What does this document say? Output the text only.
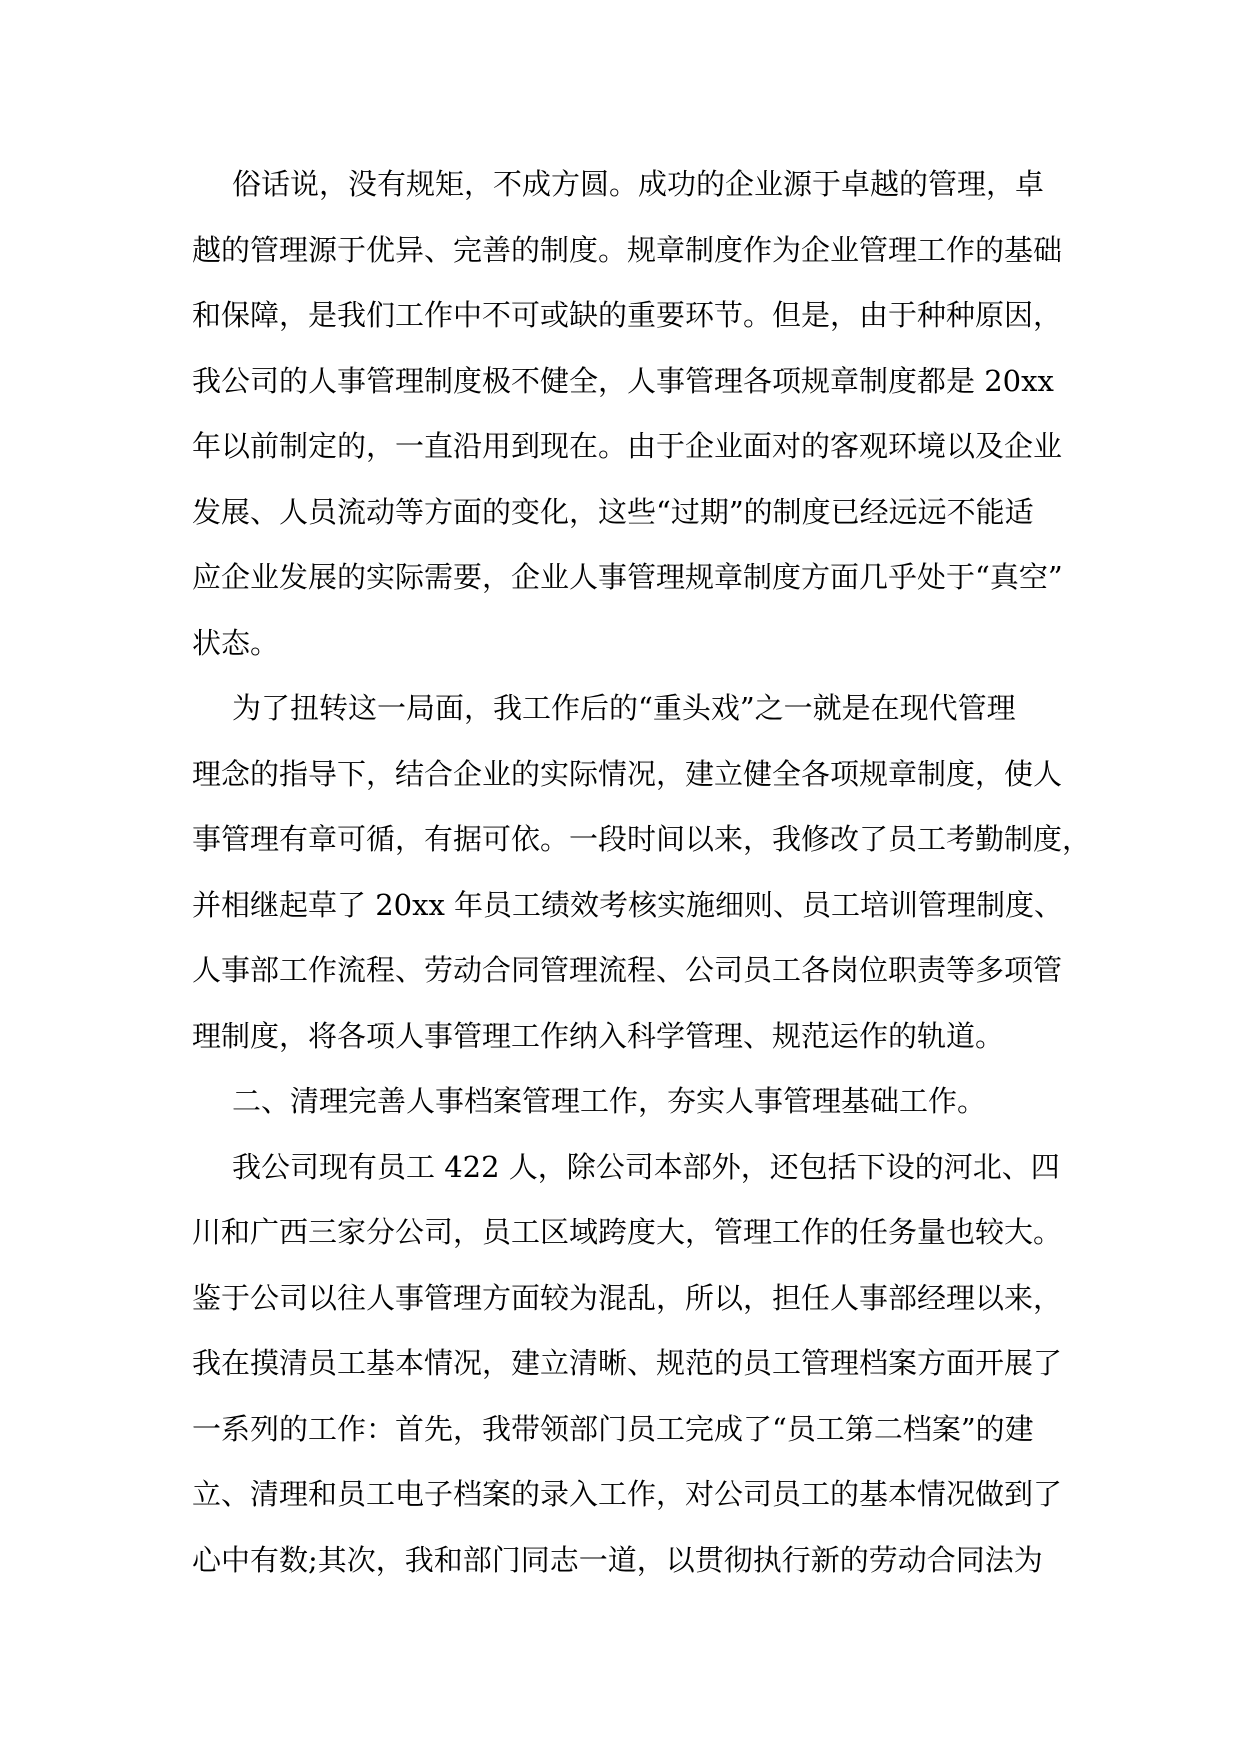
俗话说，没有规矩，不成方圆。成功的企业源于卓越的管理，卓
越的管理源于优异、完善的制度。规章制度作为企业管理工作的基础
和保障，是我们工作中不可或缺的重要环节。但是，由于种种原因，
我公司的人事管理制度极不健全，人事管理各项规章制度都是 20xx
年以前制定的，一直沿用到现在。由于企业面对的客观环境以及企业
发展、人员流动等方面的变化，这些“过期”的制度已经远远不能适
应企业发展的实际需要，企业人事管理规章制度方面几乎处于“真空”
状态。
为了扭转这一局面，我工作后的“重头戏”之一就是在现代管理
理念的指导下，结合企业的实际情况，建立健全各项规章制度，使人
事管理有章可循，有据可依。一段时间以来，我修改了员工考勤制度，
并相继起草了 20xx 年员工绩效考核实施细则、员工培训管理制度、
人事部工作流程、劳动合同管理流程、公司员工各岗位职责等多项管
理制度，将各项人事管理工作纳入科学管理、规范运作的轨道。
二、清理完善人事档案管理工作，夯实人事管理基础工作。
我公司现有员工 422 人，除公司本部外，还包括下设的河北、四
川和广西三家分公司，员工区域跨度大，管理工作的任务量也较大。
鉴于公司以往人事管理方面较为混乱，所以，担任人事部经理以来，
我在摸清员工基本情况，建立清晰、规范的员工管理档案方面开展了
一系列的工作：首先，我带领部门员工完成了“员工第二档案”的建
立、清理和员工电子档案的录入工作，对公司员工的基本情况做到了
心中有数;其次，我和部门同志一道，以贯彻执行新的劳动合同法为
